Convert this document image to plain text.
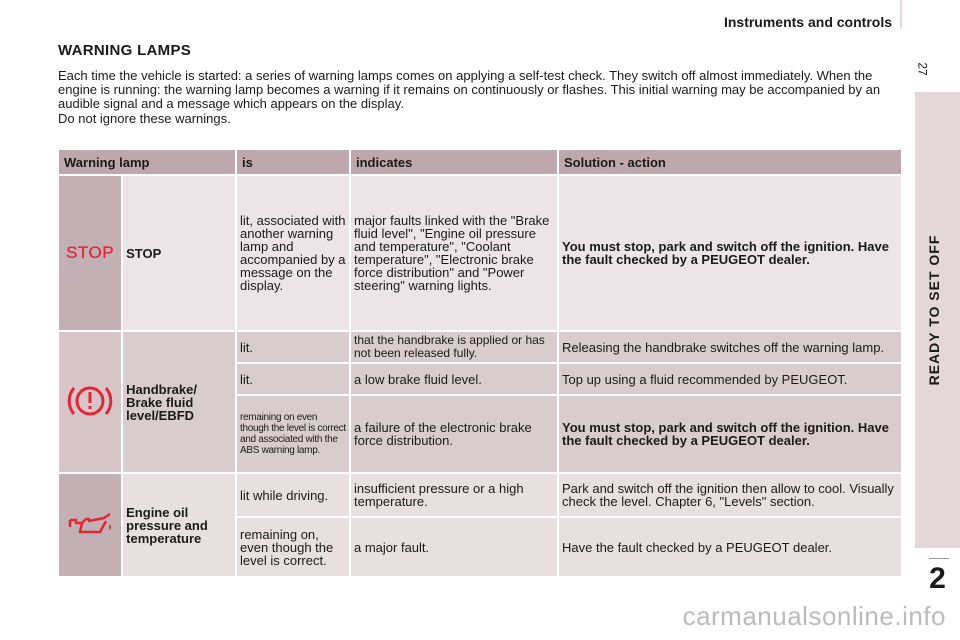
Instruments and controls
27
READY TO SET OFF
2
WARNING LAMPS
Each time the vehicle is started: a series of warning lamps comes on applying a self-test check. They switch off almost immediately. When the engine is running: the warning lamp becomes a warning if it remains on continuously or flashes. This initial warning may be accompanied by an audible signal and a message which appears on the display.
Do not ignore these warnings.
Warning lamp		is	indicates	Solution - action
STOP	STOP	lit, associated with another warning lamp and accompanied by a message on the display.	major faults linked with the "Brake fluid level", "Engine oil pressure and temperature", "Coolant temperature", "Electronic brake force distribution" and "Power steering" warning lights.	You must stop, park and switch off the ignition. Have the fault checked by a PEUGEOT dealer.
	Handbrake/ Brake fluid level/EBFD	lit.	that the handbrake is applied or has not been released fully.	Releasing the handbrake switches off the warning lamp.
		lit.	a low brake fluid level.	Top up using a fluid recommended by PEUGEOT.
		remaining on even though the level is correct and associated with the ABS warning lamp.	a failure of the electronic brake force distribution.	You must stop, park and switch off the ignition. Have the fault checked by a PEUGEOT dealer.
	Engine oil pressure and temperature	lit while driving.	insufficient pressure or a high temperature.	Park and switch off the ignition then allow to cool. Visually check the level. Chapter 6, "Levels" section.
		remaining on, even though the level is correct.	a major fault.	Have the fault checked by a PEUGEOT dealer.
carmanualsonline.info
